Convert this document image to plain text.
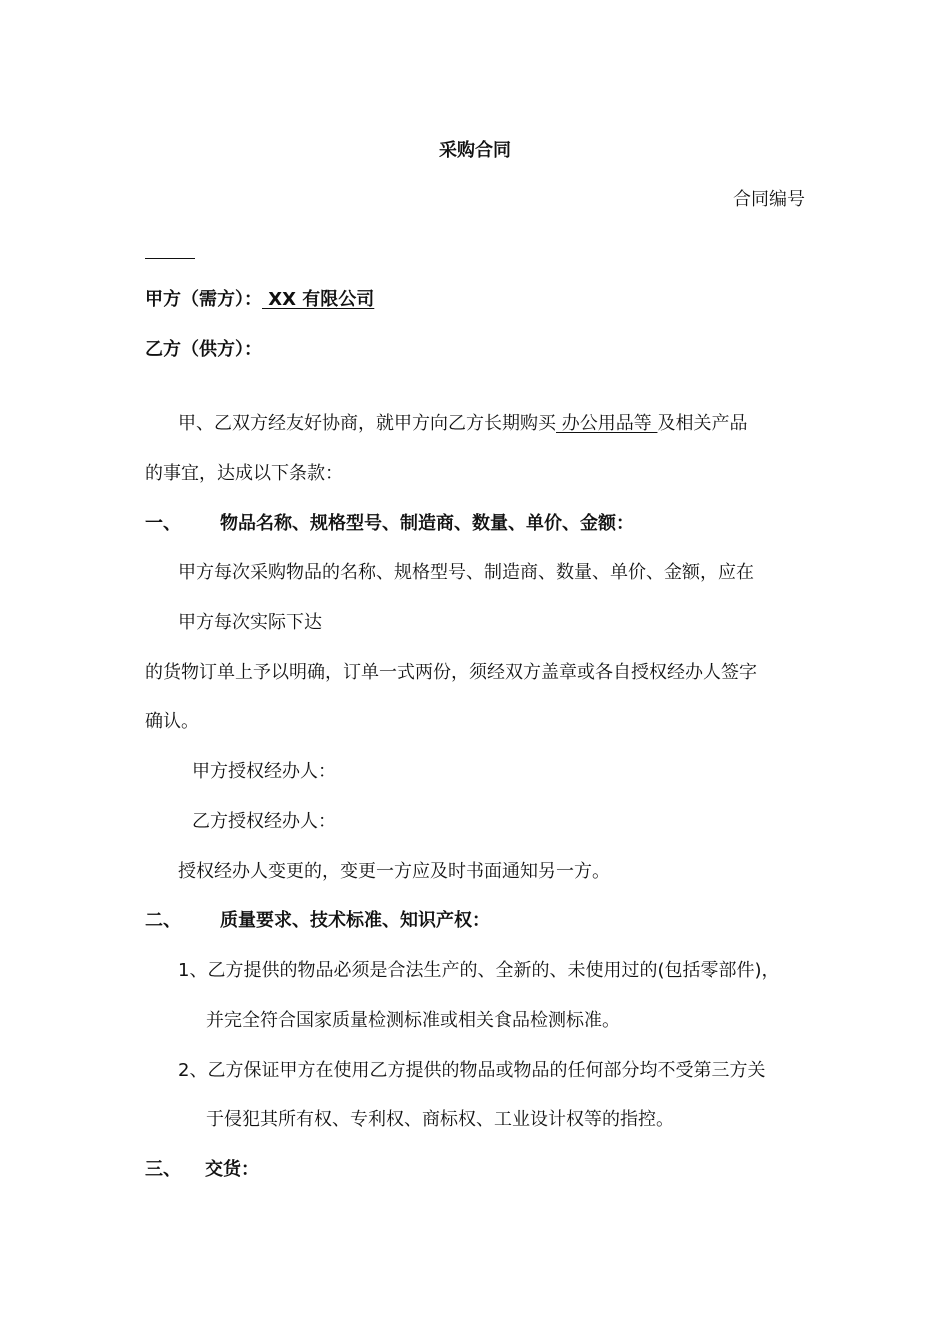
采购合同
合同编号
甲方（需方）： XX 有限公司
乙方（供方）：
甲、乙双方经友好协商，就甲方向乙方长期购买 办公用品等 及相关产品
的事宜，达成以下条款：
一、 物品名称、规格型号、制造商、数量、单价、金额：
甲方每次采购物品的名称、规格型号、制造商、数量、单价、金额，应在
甲方每次实际下达
的货物订单上予以明确，订单一式两份，须经双方盖章或各自授权经办人签字
确认。
甲方授权经办人：
乙方授权经办人：
授权经办人变更的，变更一方应及时书面通知另一方。
二、 质量要求、技术标准、知识产权：
1、乙方提供的物品必须是合法生产的、全新的、未使用过的(包括零部件)，
并完全符合国家质量检测标准或相关食品检测标准。
2、乙方保证甲方在使用乙方提供的物品或物品的任何部分均不受第三方关
于侵犯其所有权、专利权、商标权、工业设计权等的指控。
三、 交货：
